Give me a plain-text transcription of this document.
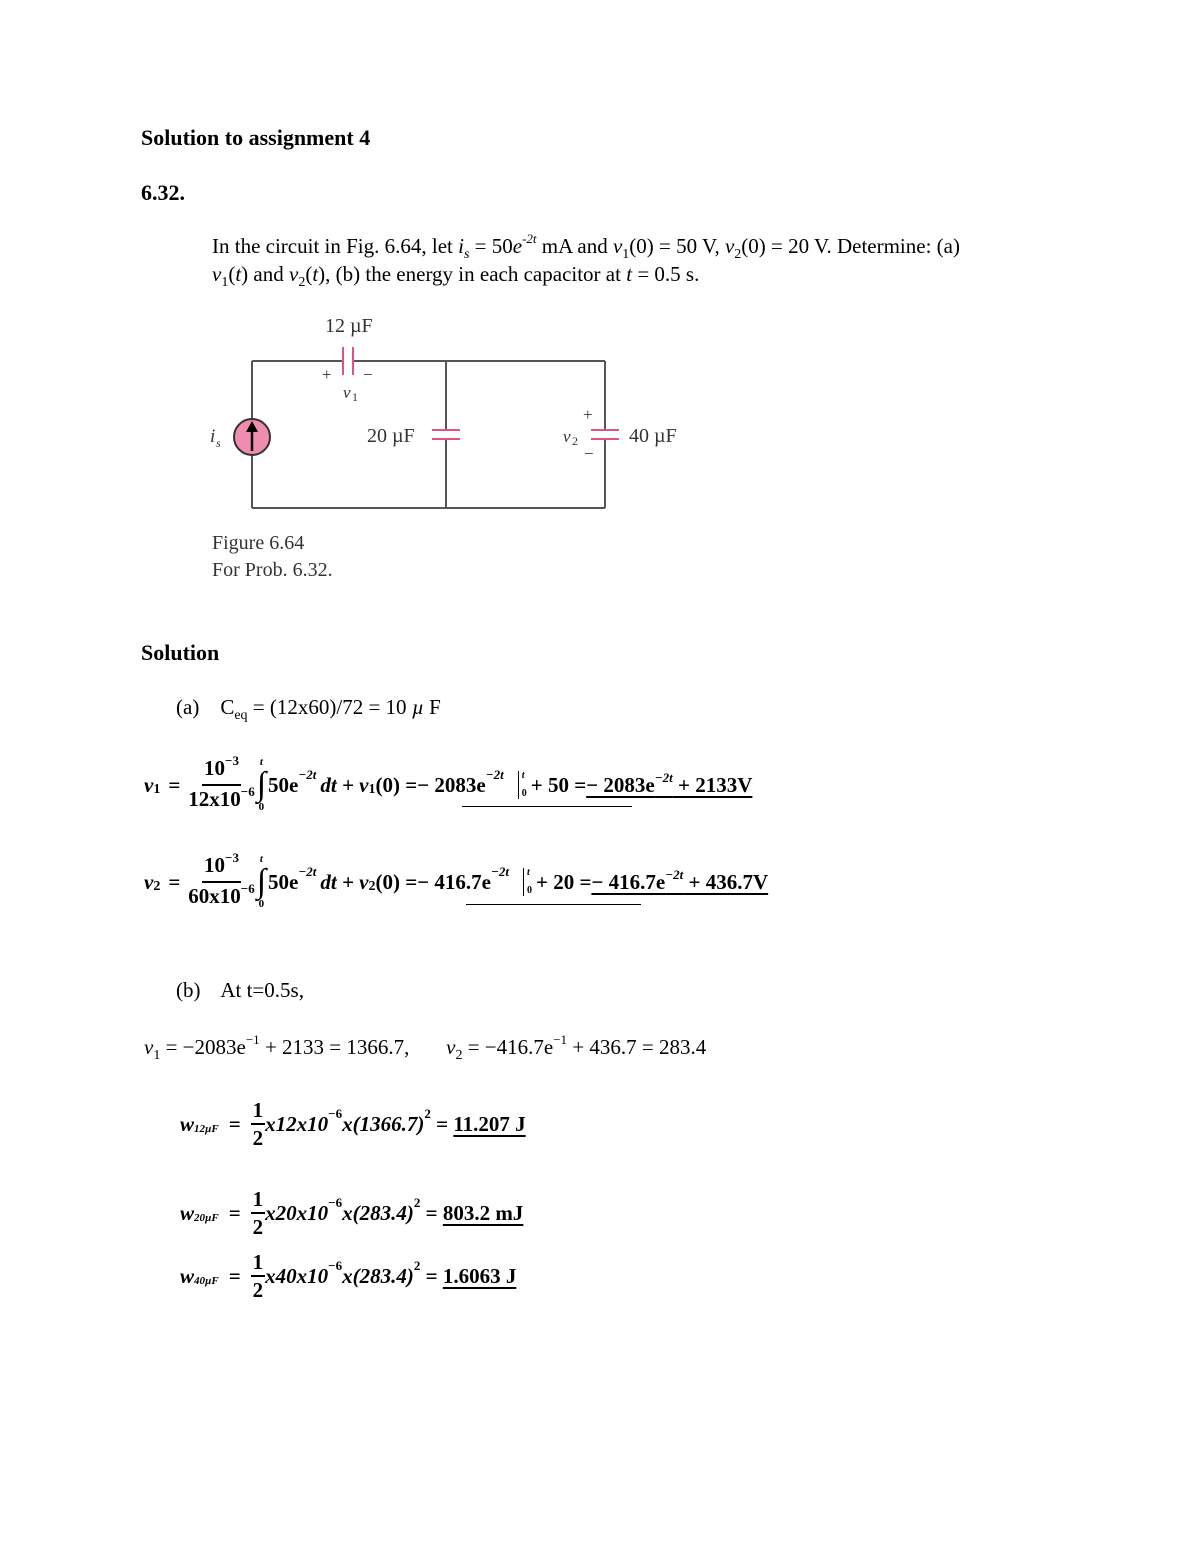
Solution to assignment 4
6.32.
In the circuit in Fig. 6.64, let $i_s = 50e^{-2t}$ mA and $v_1(0) = 50$ V, $v_2(0) = 20$ V. Determine: (a)
$v_1(t)$ and $v_2(t)$, (b) the energy in each capacitor at t = 0.5 s.
12 µF
+ −
v 1
i s	20 µF
+
v 2
−
40 µF
Figure 6.64
For Prob. 6.32.
Solution
(a) $C_{eq} = (12x60)/72 = 10$ µ F
v $1 = \frac{10^{-3}}{12x10^{-6}}$ t
∫
0
50e −2t dt + v 1 (0) = − 2083e −2t t
0 + 50 = − $2083e^{-2t} + 2133V$
v $2 = \frac{10^{-3}}{60x10^{-6}}$ t
∫
0
50e −2t dt + v 2 (0) = − 416.7e −2t t
0 + 20 = − $416.7e^{-2t} + 436.7V$
(b) At t=0.5s,
$v_1 = -2083e^{-1} + 2133 = 1366.7$, $v_2 = -416.7e^{-1} + 436.7 = 283.4$
w $12\mu F = \frac{1}{2} x12x10 -6$ x(1366.7) 2 = 11.207 J
w $20\mu F = \frac{1}{2} x20x10 -6$ x(283.4) 2 = 803.2 mJ
w $40\mu F = \frac{1}{2} x40x10 -6$ x(283.4) 2 = 1.6063 J
